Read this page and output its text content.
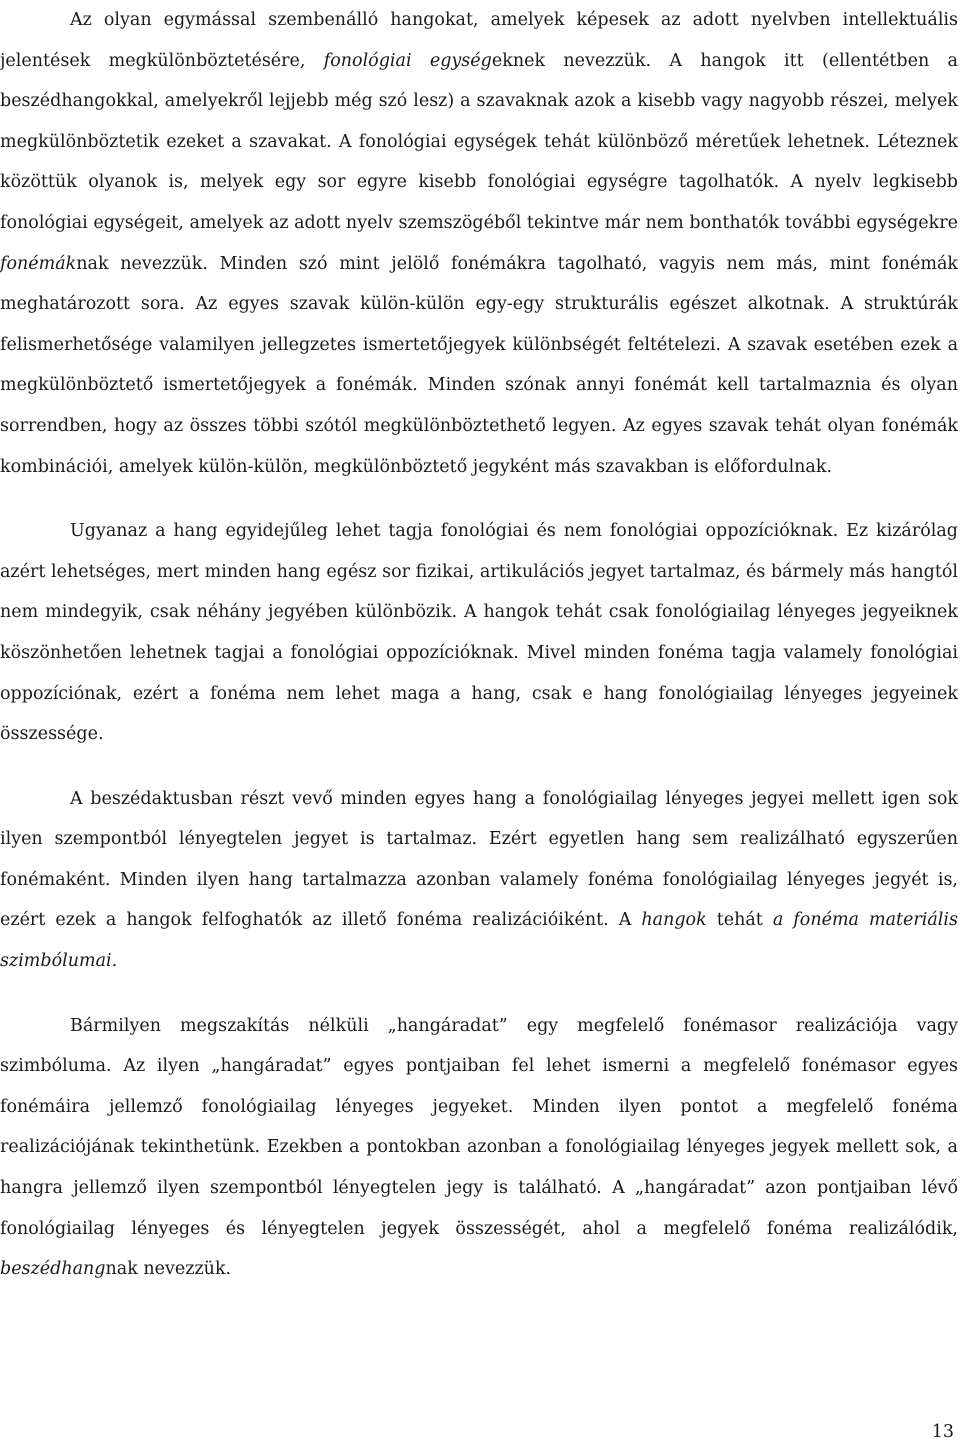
Az olyan egymással szembenálló hangokat, amelyek képesek az adott nyelvben intellektuális jelentések megkülönböztetésére, fonológiai egységeknek nevezzük. A hangok itt (ellentétben a beszédhangokkal, amelyekről lejjebb még szó lesz) a szavaknak azok a kisebb vagy nagyobb részei, melyek megkülönböztetik ezeket a szavakat. A fonológiai egységek tehát különböző méretűek lehetnek. Léteznek közöttük olyanok is, melyek egy sor egyre kisebb fonológiai egységre tagolhatók. A nyelv legkisebb fonológiai egységeit, amelyek az adott nyelv szemszögéből tekintve már nem bonthatók további egységekre fonémáknak nevezzük. Minden szó mint jelölő fonémákra tagolható, vagyis nem más, mint fonémák meghatározott sora. Az egyes szavak külön-külön egy-egy strukturális egészet alkotnak. A struktúrák felismerhetősége valamilyen jellegzetes ismertetőjegyek különbségét feltételezi. A szavak esetében ezek a megkülönböztető ismertetőjegyek a fonémák. Minden szónak annyi fonémát kell tartalmaznia és olyan sorrendben, hogy az összes többi szótól megkülönböztethető legyen. Az egyes szavak tehát olyan fonémák kombinációi, amelyek külön-külön, megkülönböztető jegyként más szavakban is előfordulnak.

Ugyanaz a hang egyidejűleg lehet tagja fonológiai és nem fonológiai oppozícióknak. Ez kizárólag azért lehetséges, mert minden hang egész sor fizikai, artikulációs jegyet tartalmaz, és bármely más hangtól nem mindegyik, csak néhány jegyében különbözik. A hangok tehát csak fonológiailag lényeges jegyeiknek köszönhetően lehetnek tagjai a fonológiai oppozícióknak. Mivel minden fonéma tagja valamely fonológiai oppozíciónak, ezért a fonéma nem lehet maga a hang, csak e hang fonológiailag lényeges jegyeinek összessége.

A beszédaktusban részt vevő minden egyes hang a fonológiailag lényeges jegyei mellett igen sok ilyen szempontból lényegtelen jegyet is tartalmaz. Ezért egyetlen hang sem realizálható egyszerűen fonémaként. Minden ilyen hang tartalmazza azonban valamely fonéma fonológiailag lényeges jegyét is, ezért ezek a hangok felfoghatók az illető fonéma realizációiként. A hangok tehát a fonéma materiális szimbólumai.

Bármilyen megszakítás nélküli „hangáradat” egy megfelelő fonémasor realizációja vagy szimbóluma. Az ilyen „hangáradat” egyes pontjaiban fel lehet ismerni a megfelelő fonémasor egyes fonémáira jellemző fonológiailag lényeges jegyeket. Minden ilyen pontot a megfelelő fonéma realizációjának tekinthetünk. Ezekben a pontokban azonban a fonológiailag lényeges jegyek mellett sok, a hangra jellemző ilyen szempontból lényegtelen jegy is található. A „hangáradat” azon pontjaiban lévő fonológiailag lényeges és lényegtelen jegyek összességét, ahol a megfelelő fonéma realizálódik, beszédhangnak nevezzük.

13
